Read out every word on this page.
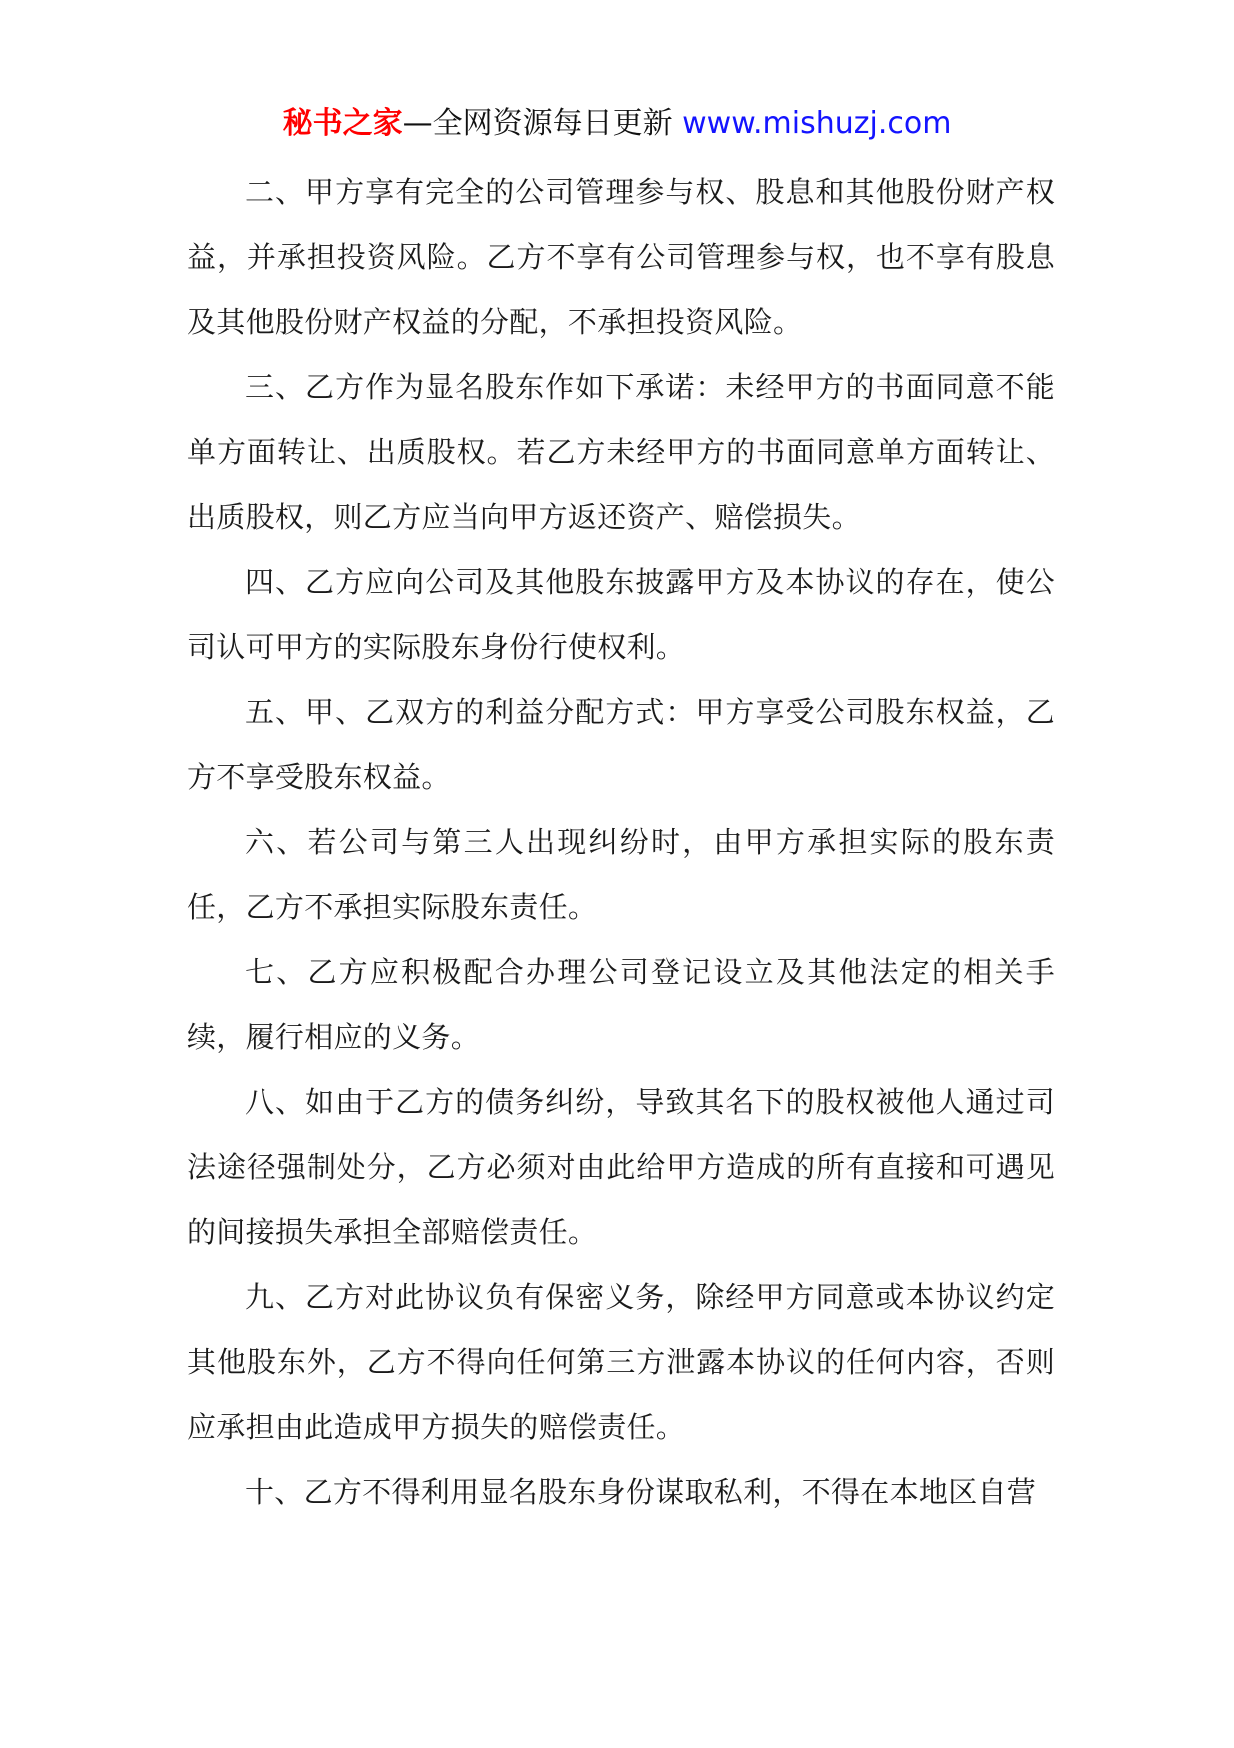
秘书之家—全网资源每日更新 www.mishuzj.com

二、甲方享有完全的公司管理参与权、股息和其他股份财产权益，并承担投资风险。乙方不享有公司管理参与权，也不享有股息及其他股份财产权益的分配，不承担投资风险。

三、乙方作为显名股东作如下承诺：未经甲方的书面同意不能单方面转让、出质股权。若乙方未经甲方的书面同意单方面转让、出质股权，则乙方应当向甲方返还资产、赔偿损失。

四、乙方应向公司及其他股东披露甲方及本协议的存在，使公司认可甲方的实际股东身份行使权利。

五、甲、乙双方的利益分配方式：甲方享受公司股东权益，乙方不享受股东权益。

六、若公司与第三人出现纠纷时，由甲方承担实际的股东责任，乙方不承担实际股东责任。

七、乙方应积极配合办理公司登记设立及其他法定的相关手续，履行相应的义务。

八、如由于乙方的债务纠纷，导致其名下的股权被他人通过司法途径强制处分，乙方必须对由此给甲方造成的所有直接和可遇见的间接损失承担全部赔偿责任。

九、乙方对此协议负有保密义务，除经甲方同意或本协议约定其他股东外，乙方不得向任何第三方泄露本协议的任何内容，否则应承担由此造成甲方损失的赔偿责任。

十、乙方不得利用显名股东身份谋取私利，不得在本地区自营
